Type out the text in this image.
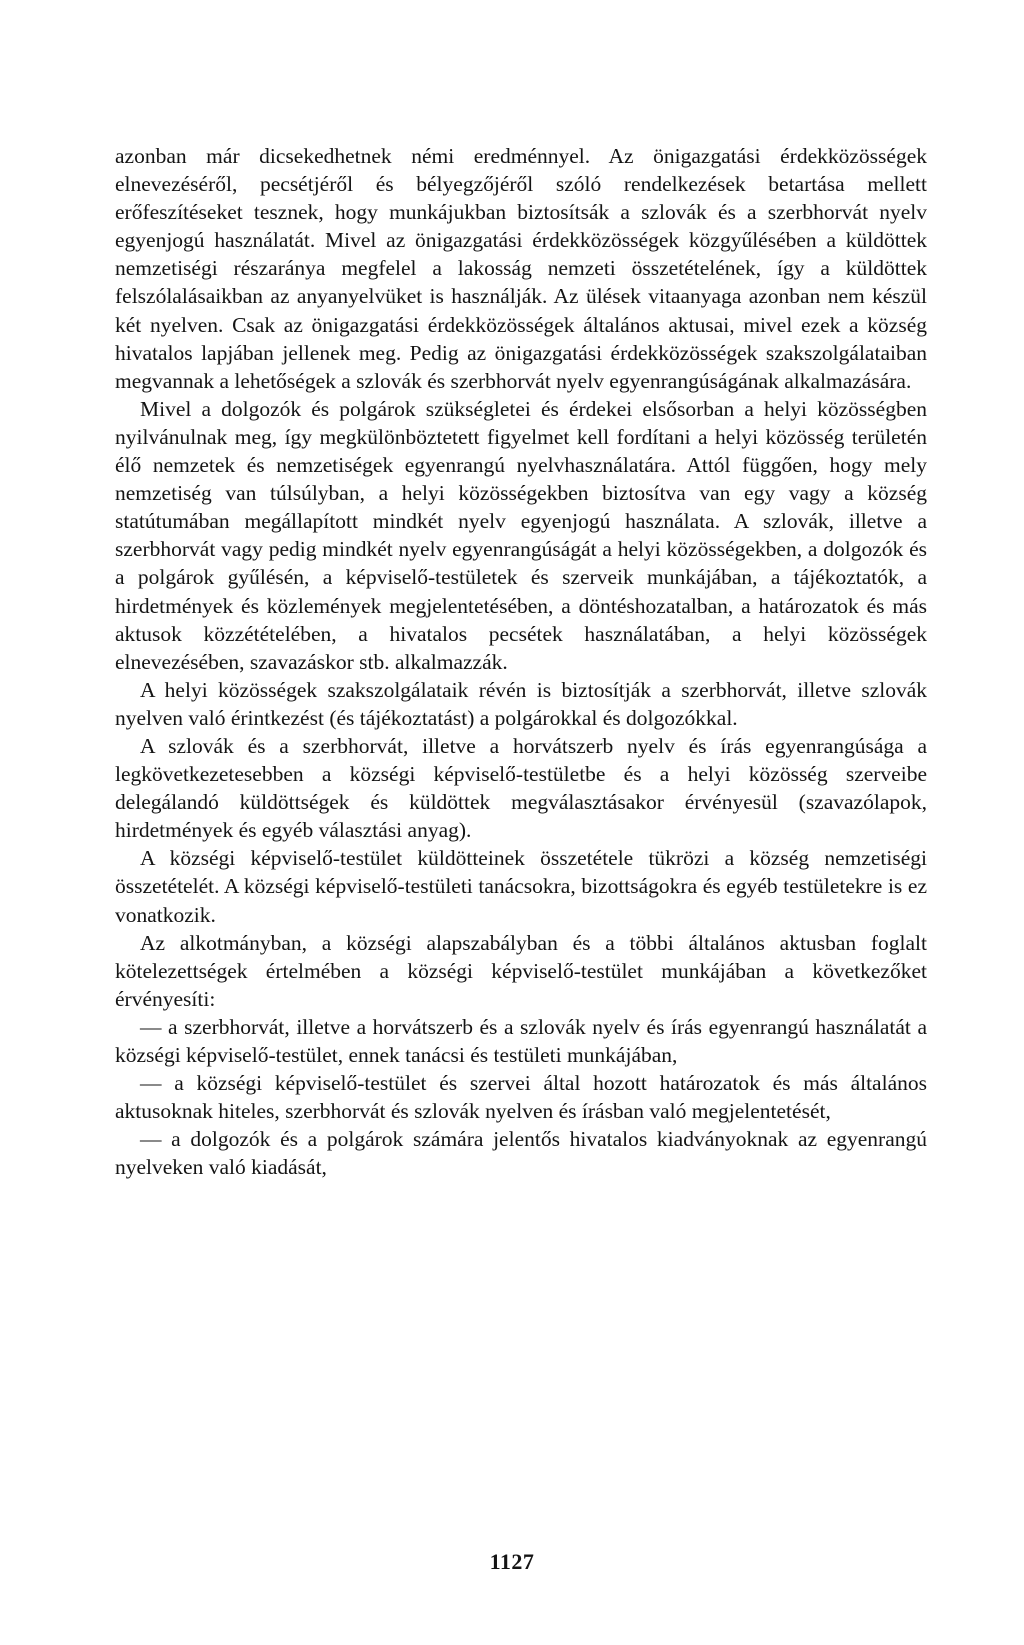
azonban már dicsekedhetnek némi eredménnyel. Az önigazgatási érdekközösségek elnevezéséről, pecsétjéről és bélyegzőjéről szóló rendelkezések betartása mellett erőfeszítéseket tesznek, hogy munkájukban biztosítsák a szlovák és a szerbhorvát nyelv egyenjogú használatát. Mivel az önigazgatási érdekközösségek közgyűlésében a küldöttek nemzetiségi részaránya megfelel a lakosság nemzeti összetételének, így a küldöttek felszólalásaikban az anyanyelvüket is használják. Az ülések vitaanyaga azonban nem készül két nyelven. Csak az önigazgatási érdekközösségek általános aktusai, mivel ezek a község hivatalos lapjában jellenek meg. Pedig az önigazgatási érdekközösségek szakszolgálataiban megvannak a lehetőségek a szlovák és szerbhorvát nyelv egyenrangúságának alkalmazására.

Mivel a dolgozók és polgárok szükségletei és érdekei elsősorban a helyi közösségben nyilvánulnak meg, így megkülönböztetett figyelmet kell fordítani a helyi közösség területén élő nemzetek és nemzetiségek egyenrangú nyelvhasználatára. Attól függően, hogy mely nemzetiség van túlsúlyban, a helyi közösségekben biztosítva van egy vagy a község statútumában megállapított mindkét nyelv egyenjogú használata. A szlovák, illetve a szerbhorvát vagy pedig mindkét nyelv egyenrangúságát a helyi közösségekben, a dolgozók és a polgárok gyűlésén, a képviselő-testületek és szerveik munkájában, a tájékoztatók, a hirdetmények és közlemények megjelentetésében, a döntéshozatalban, a határozatok és más aktusok közzétételében, a hivatalos pecsétek használatában, a helyi közösségek elnevezésében, szavazáskor stb. alkalmazzák.

A helyi közösségek szakszolgálataik révén is biztosítják a szerbhorvát, illetve szlovák nyelven való érintkezést (és tájékoztatást) a polgárokkal és dolgozókkal.

A szlovák és a szerbhorvát, illetve a horvátszerb nyelv és írás egyenrangúsága a legkövetkezetesebben a községi képviselő-testületbe és a helyi közösség szerveibe delegálandó küldöttségek és küldöttek megválasztásakor érvényesül (szavazólapok, hirdetmények és egyéb választási anyag).

A községi képviselő-testület küldötteinek összetétele tükrözi a község nemzetiségi összetételét. A községi képviselő-testületi tanácsokra, bizottságokra és egyéb testületekre is ez vonatkozik.

Az alkotmányban, a községi alapszabályban és a többi általános aktusban foglalt kötelezettségek értelmében a községi képviselő-testület munkájában a következőket érvényesíti:

— a szerbhorvát, illetve a horvátszerb és a szlovák nyelv és írás egyenrangú használatát a községi képviselő-testület, ennek tanácsi és testületi munkájában,

— a községi képviselő-testület és szervei által hozott határozatok és más általános aktusoknak hiteles, szerbhorvát és szlovák nyelven és írásban való megjelentetését,

— a dolgozók és a polgárok számára jelentős hivatalos kiadványoknak az egyenrangú nyelveken való kiadását,

1127
